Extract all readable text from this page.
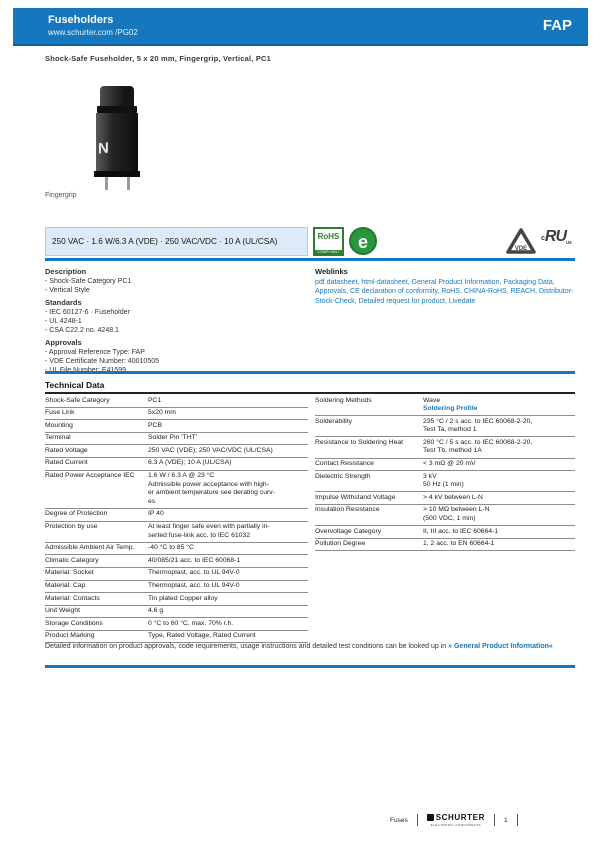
Fuseholders
www.schurter.com /PG02	FAP
Shock-Safe Fuseholder, 5 x 20 mm, Fingergrip, Vertical, PC1
N
Fingergrip
250 VAC · 1.6 W/6.3 A (VDE) · 250 VAC/VDC · 10 A (UL/CSA)
RoHS
COMPLIANT	e	VDE
c RU us
Description
- Shock-Safe Category PC1
- Vertical Style
Standards
- IEC 60127-6 · Fuseholder
- UL 4248-1
- CSA C22.2 no. 4248.1
Approvals
- Approval Reference Type: FAP
- VDE Certificate Number: 40010505
Weblinks
pdf datasheet, html-datasheet, General Product Information, Packaging Data, Approvals, CE declaration of conformity, RoHS, CHINA-RoHS, REACH, Distributor-Stock-Check, Detailed request for product, Livedate
Technical Data
Shock-Safe Category	PC1
Fuse Link	5x20 mm
Mounting	PCB
Terminal	Solder Pin 'THT'
Rated Voltage	250 VAC (VDE); 250 VAC/VDC (UL/CSA)
Rated Current	6.3 A (VDE); 10 A (UL/CSA)
Rated Power Acceptance IEC	1.6 W / 6.3 A @ 23 °C
Admissible power acceptance with high-
er ambient temperature see derating curv-
es
Degree of Protection	IP 40
Protection by use	At least finger safe even with partially in-
serted fuse-link acc. to IEC 61032
Admissible Ambient Air Temp.	-40 °C to 85 °C
Climatic Category	40/085/21 acc. to IEC 60068-1
Material: Socket	Thermoplast, acc. to UL 94V-0
Material: Cap	Thermoplast, acc. to UL 94V-0
Material: Contacts	Tin plated Copper alloy
Unit Weight	4.6 g
Storage Conditions	0 °C to 60 °C, max. 70% r.h.
Product Marking	Type, Rated Voltage, Rated Current
Soldering Methods	Wave
Soldering Profile
Solderability	235 °C / 2 s acc. to IEC 60068-2-20,
Test Ta, method 1
Resistance to Soldering Heat	260 °C / 5 s acc. to IEC 60068-2-20,
Test Tb, method 1A
Contact Resistance	< 3 mΩ @ 20 mV
Dielectric Strength	3 kV
50 Hz (1 min)
Impulse Withstand Voltage	> 4 kV between L-N
Insulation Resistance	> 10 MΩ between L-N
(500 VDC, 1 min)
Overvoltage Category	II, III acc. to IEC 60664-1
Pollution Degree	1, 2 acc. to EN 60664-1
Detailed information on product approvals, code requirements, usage instructions and detailed test conditions can be looked up in » General Product Information«
Fuses	SCHURTER
ELECTRONIC COMPONENTS
1
